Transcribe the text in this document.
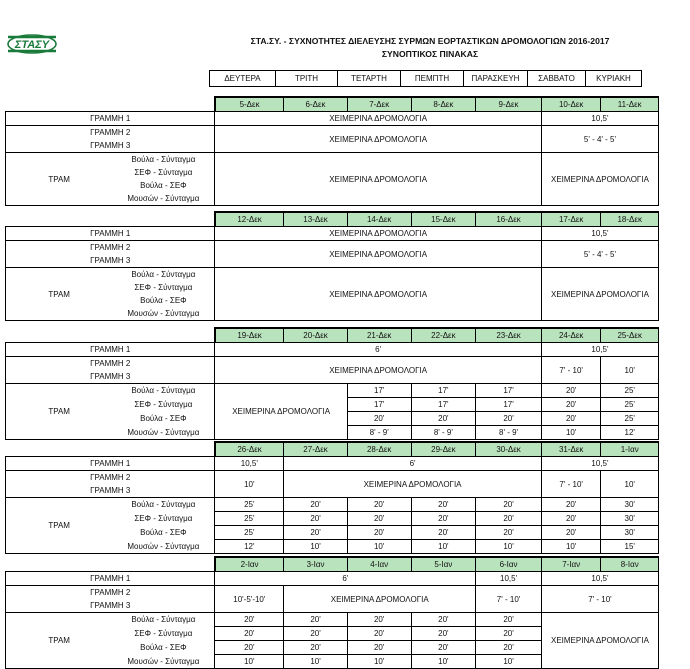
ΣΤΑΣΥ	ΣΤΑ.ΣΥ. - ΣΥΧΝΟΤΗΤΕΣ ΔΙΕΛΕΥΣΗΣ ΣΥΡΜΩΝ ΕΟΡΤΑΣΤΙΚΩΝ ΔΡΟΜΟΛΟΓΙΩΝ 2016-2017
ΣΥΝΟΠΤΙΚΟΣ ΠΙΝΑΚΑΣ
ΔΕΥΤΕΡΑ	ΤΡΙΤΗ	ΤΕΤΑΡΤΗ	ΠΕΜΠΤΗ	ΠΑΡΑΣΚΕΥΗ	ΣΑΒΒΑΤΟ	ΚΥΡΙΑΚΗ
		5-Δεκ	6-Δεκ	7-Δεκ	8-Δεκ	9-Δεκ	10-Δεκ	11-Δεκ
ΓΡΑΜΜΗ 1		ΧΕΙΜΕΡΙΝΑ ΔΡΟΜΟΛΟΓΙΑ					10,5'	
ΓΡΑΜΜΗ 2		ΧΕΙΜΕΡΙΝΑ ΔΡΟΜΟΛΟΓΙΑ					5' - 4' - 5'	
ΓΡΑΜΜΗ 3								
ΤΡΑΜ	Βούλα - Σύνταγμα	ΧΕΙΜΕΡΙΝΑ ΔΡΟΜΟΛΟΓΙΑ					ΧΕΙΜΕΡΙΝΑ ΔΡΟΜΟΛΟΓΙΑ	
	ΣΕΦ - Σύνταγμα							
	Βούλα - ΣΕΦ							
	Μουσών - Σύνταγμα							
		12-Δεκ	13-Δεκ	14-Δεκ	15-Δεκ	16-Δεκ	17-Δεκ	18-Δεκ
ΓΡΑΜΜΗ 1		ΧΕΙΜΕΡΙΝΑ ΔΡΟΜΟΛΟΓΙΑ					10,5'	
ΓΡΑΜΜΗ 2		ΧΕΙΜΕΡΙΝΑ ΔΡΟΜΟΛΟΓΙΑ					5' - 4' - 5'	
ΓΡΑΜΜΗ 3								
ΤΡΑΜ	Βούλα - Σύνταγμα	ΧΕΙΜΕΡΙΝΑ ΔΡΟΜΟΛΟΓΙΑ					ΧΕΙΜΕΡΙΝΑ ΔΡΟΜΟΛΟΓΙΑ	
	ΣΕΦ - Σύνταγμα							
	Βούλα - ΣΕΦ							
	Μουσών - Σύνταγμα							
		19-Δεκ	20-Δεκ	21-Δεκ	22-Δεκ	23-Δεκ	24-Δεκ	25-Δεκ
ΓΡΑΜΜΗ 1		6'					10,5'	
ΓΡΑΜΜΗ 2		ΧΕΙΜΕΡΙΝΑ ΔΡΟΜΟΛΟΓΙΑ					7' - 10'	10'
ΓΡΑΜΜΗ 3								
ΤΡΑΜ	Βούλα - Σύνταγμα	ΧΕΙΜΕΡΙΝΑ ΔΡΟΜΟΛΟΓΙΑ		17'	17'	17'	20'	25'
	ΣΕΦ - Σύνταγμα			17'	17'	17'	20'	25'
	Βούλα - ΣΕΦ			20'	20'	20'	20'	25'
	Μουσών - Σύνταγμα			8' - 9'	8' - 9'	8' - 9'	10'	12'
		26-Δεκ	27-Δεκ	28-Δεκ	29-Δεκ	30-Δεκ	31-Δεκ	1-Ιαν
ΓΡΑΜΜΗ 1		10,5'	6'				10,5'	
ΓΡΑΜΜΗ 2		10'	ΧΕΙΜΕΡΙΝΑ ΔΡΟΜΟΛΟΓΙΑ				7' - 10'	10'
ΓΡΑΜΜΗ 3								
ΤΡΑΜ	Βούλα - Σύνταγμα	25'	20'	20'	20'	20'	20'	30'
	ΣΕΦ - Σύνταγμα	25'	20'	20'	20'	20'	20'	30'
	Βούλα - ΣΕΦ	25'	20'	20'	20'	20'	20'	30'
	Μουσών - Σύνταγμα	12'	10'	10'	10'	10'	10'	15'
		2-Ιαν	3-Ιαν	4-Ιαν	5-Ιαν	6-Ιαν	7-Ιαν	8-Ιαν
ΓΡΑΜΜΗ 1		6'				10,5'	10,5'	
ΓΡΑΜΜΗ 2		10'-5'-10'	ΧΕΙΜΕΡΙΝΑ ΔΡΟΜΟΛΟΓΙΑ			7' - 10'	7' - 10'	
ΓΡΑΜΜΗ 3								
ΤΡΑΜ	Βούλα - Σύνταγμα	20'	20'	20'	20'	20'	ΧΕΙΜΕΡΙΝΑ ΔΡΟΜΟΛΟΓΙΑ	
	ΣΕΦ - Σύνταγμα	20'	20'	20'	20'	20'		
	Βούλα - ΣΕΦ	20'	20'	20'	20'	20'		
	Μουσών - Σύνταγμα	10'	10'	10'	10'	10'		
